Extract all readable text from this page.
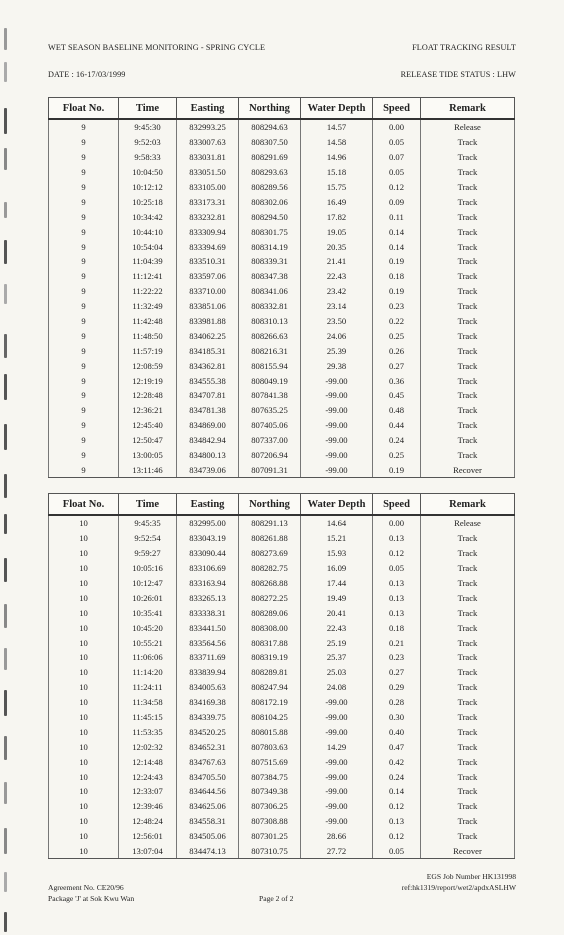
WET SEASON BASELINE MONITORING - SPRING CYCLE	FLOAT TRACKING RESULT
DATE : 16-17/03/1999	RELEASE TIDE STATUS : LHW
Float No.	Time	Easting	Northing	Water Depth	Speed	Remark
9	9:45:30	832993.25	808294.63	14.57	0.00	Release
9	9:52:03	833007.63	808307.50	14.58	0.05	Track
9	9:58:33	833031.81	808291.69	14.96	0.07	Track
9	10:04:50	833051.50	808293.63	15.18	0.05	Track
9	10:12:12	833105.00	808289.56	15.75	0.12	Track
9	10:25:18	833173.31	808302.06	16.49	0.09	Track
9	10:34:42	833232.81	808294.50	17.82	0.11	Track
9	10:44:10	833309.94	808301.75	19.05	0.14	Track
9	10:54:04	833394.69	808314.19	20.35	0.14	Track
9	11:04:39	833510.31	808339.31	21.41	0.19	Track
9	11:12:41	833597.06	808347.38	22.43	0.18	Track
9	11:22:22	833710.00	808341.06	23.42	0.19	Track
9	11:32:49	833851.06	808332.81	23.14	0.23	Track
9	11:42:48	833981.88	808310.13	23.50	0.22	Track
9	11:48:50	834062.25	808266.63	24.06	0.25	Track
9	11:57:19	834185.31	808216.31	25.39	0.26	Track
9	12:08:59	834362.81	808155.94	29.38	0.27	Track
9	12:19:19	834555.38	808049.19	-99.00	0.36	Track
9	12:28:48	834707.81	807841.38	-99.00	0.45	Track
9	12:36:21	834781.38	807635.25	-99.00	0.48	Track
9	12:45:40	834869.00	807405.06	-99.00	0.44	Track
9	12:50:47	834842.94	807337.00	-99.00	0.24	Track
9	13:00:05	834800.13	807206.94	-99.00	0.25	Track
9	13:11:46	834739.06	807091.31	-99.00	0.19	Recover
Float No.	Time	Easting	Northing	Water Depth	Speed	Remark
10	9:45:35	832995.00	808291.13	14.64	0.00	Release
10	9:52:54	833043.19	808261.88	15.21	0.13	Track
10	9:59:27	833090.44	808273.69	15.93	0.12	Track
10	10:05:16	833106.69	808282.75	16.09	0.05	Track
10	10:12:47	833163.94	808268.88	17.44	0.13	Track
10	10:26:01	833265.13	808272.25	19.49	0.13	Track
10	10:35:41	833338.31	808289.06	20.41	0.13	Track
10	10:45:20	833441.50	808308.00	22.43	0.18	Track
10	10:55:21	833564.56	808317.88	25.19	0.21	Track
10	11:06:06	833711.69	808319.19	25.37	0.23	Track
10	11:14:20	833839.94	808289.81	25.03	0.27	Track
10	11:24:11	834005.63	808247.94	24.08	0.29	Track
10	11:34:58	834169.38	808172.19	-99.00	0.28	Track
10	11:45:15	834339.75	808104.25	-99.00	0.30	Track
10	11:53:35	834520.25	808015.88	-99.00	0.40	Track
10	12:02:32	834652.31	807803.63	14.29	0.47	Track
10	12:14:48	834767.63	807515.69	-99.00	0.42	Track
10	12:24:43	834705.50	807384.75	-99.00	0.24	Track
10	12:33:07	834644.56	807349.38	-99.00	0.14	Track
10	12:39:46	834625.06	807306.25	-99.00	0.12	Track
10	12:48:24	834558.31	807308.88	-99.00	0.13	Track
10	12:56:01	834505.06	807301.25	28.66	0.12	Track
10	13:07:04	834474.13	807310.75	27.72	0.05	Recover
Agreement No. CE20/96
Package 'J' at Sok Kwu Wan	Page 2 of 2
EGS Job Number HK131998
ref:hk1319/report/wet2/apdxASLHW
